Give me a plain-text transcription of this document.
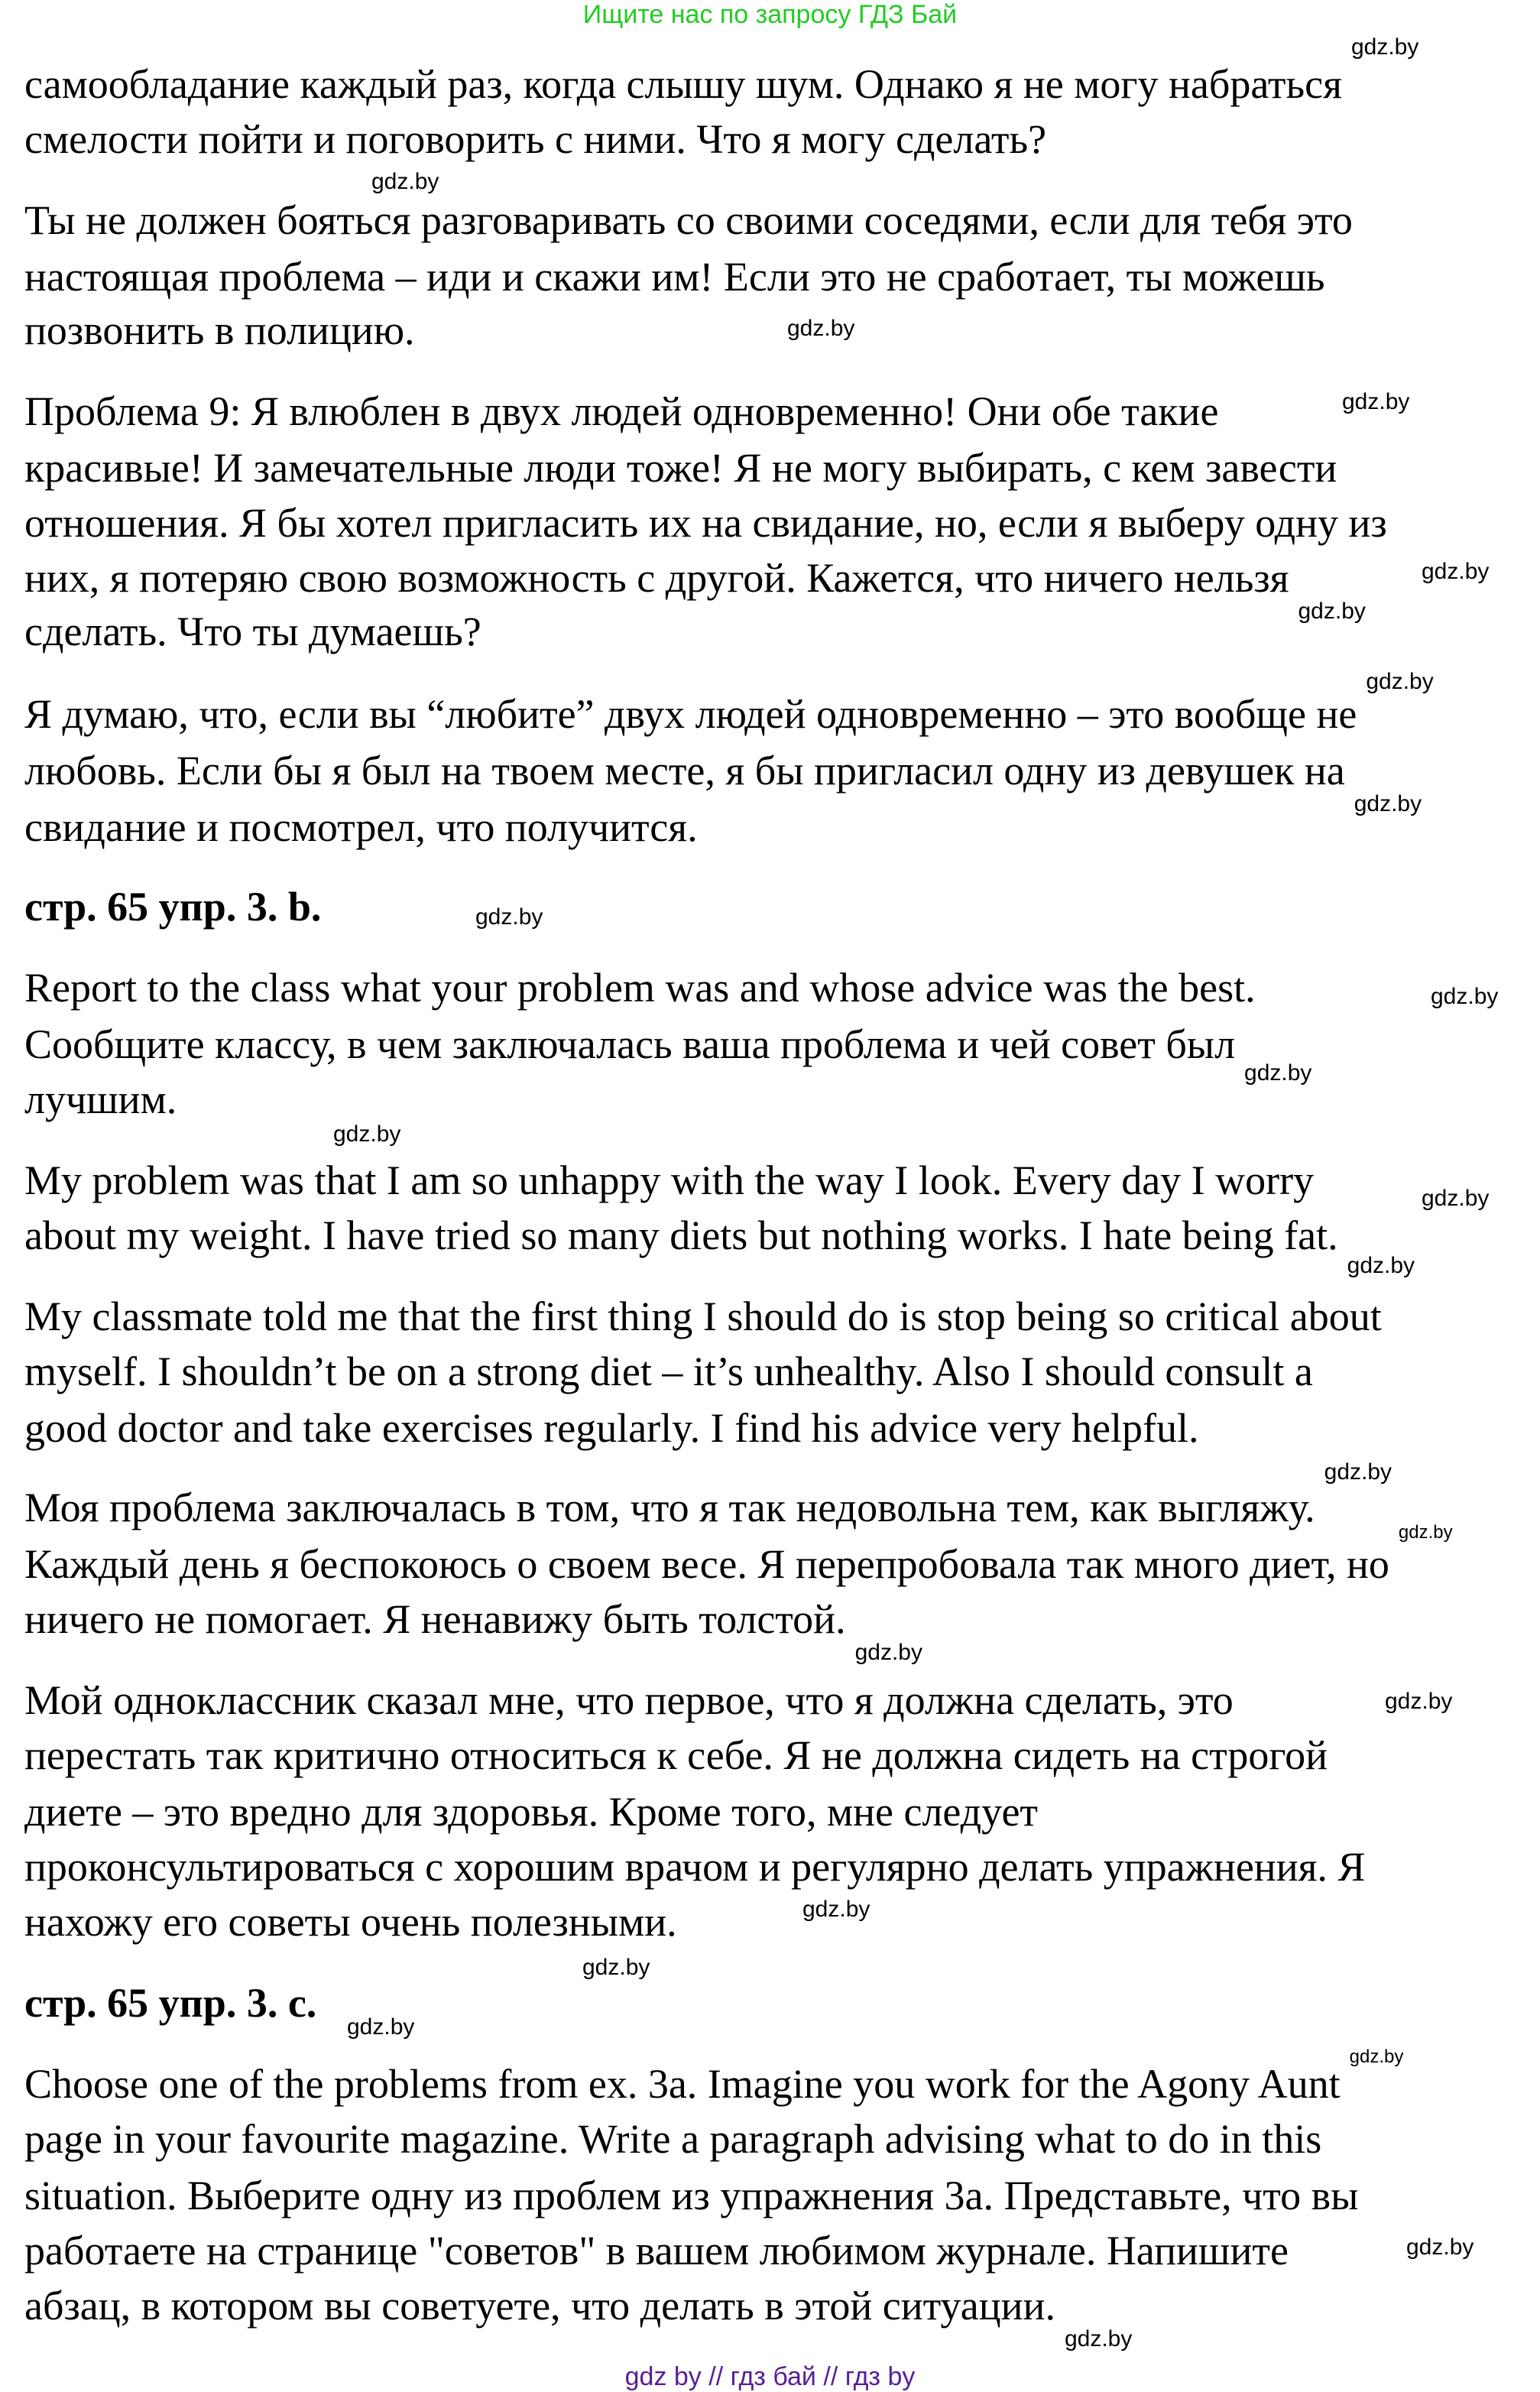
Ищите нас по запросу ГДЗ Бай
самообладание каждый раз, когда слышу шум. Однако я не могу набраться
смелости пойти и поговорить с ними. Что я могу сделать?
Ты не должен бояться разговаривать со своими соседями, если для тебя это
настоящая проблема – иди и скажи им! Если это не сработает, ты можешь
позвонить в полицию.
Проблема 9: Я влюблен в двух людей одновременно! Они обе такие
красивые! И замечательные люди тоже! Я не могу выбирать, с кем завести
отношения. Я бы хотел пригласить их на свидание, но, если я выберу одну из
них, я потеряю свою возможность с другой. Кажется, что ничего нельзя
сделать. Что ты думаешь?
Я думаю, что, если вы “любите” двух людей одновременно – это вообще не
любовь. Если бы я был на твоем месте, я бы пригласил одну из девушек на
свидание и посмотрел, что получится.
стр. 65 упр. 3. b.
Report to the class what your problem was and whose advice was the best.
Сообщите классу, в чем заключалась ваша проблема и чей совет был
лучшим.
My problem was that I am so unhappy with the way I look. Every day I worry
about my weight. I have tried so many diets but nothing works. I hate being fat.
My classmate told me that the first thing I should do is stop being so critical about
myself. I shouldn’t be on a strong diet – it’s unhealthy. Also I should consult a
good doctor and take exercises regularly. I find his advice very helpful.
Моя проблема заключалась в том, что я так недовольна тем, как выгляжу.
Каждый день я беспокоюсь о своем весе. Я перепробовала так много диет, но
ничего не помогает. Я ненавижу быть толстой.
Мой одноклассник сказал мне, что первое, что я должна сделать, это
перестать так критично относиться к себе. Я не должна сидеть на строгой
диете – это вредно для здоровья. Кроме того, мне следует
проконсультироваться с хорошим врачом и регулярно делать упражнения. Я
нахожу его советы очень полезными.
стр. 65 упр. 3. c.
Choose one of the problems from ex. 3a. Imagine you work for the Agony Aunt
page in your favourite magazine. Write a paragraph advising what to do in this
situation. Выберите одну из проблем из упражнения 3а. Представьте, что вы
работаете на странице "советов" в вашем любимом журнале. Напишите
абзац, в котором вы советуете, что делать в этой ситуации.
gdz.by
gdz.by
gdz.by
gdz.by
gdz.by
gdz.by
gdz.by
gdz.by
gdz.by
gdz.by
gdz.by
gdz.by
gdz.by
gdz.by
gdz.by
gdz.by
gdz.by
gdz.by
gdz.by
gdz.by
gdz.by
gdz.by
gdz.by
gdz.by
gdz by // гдз бай // гдз by
